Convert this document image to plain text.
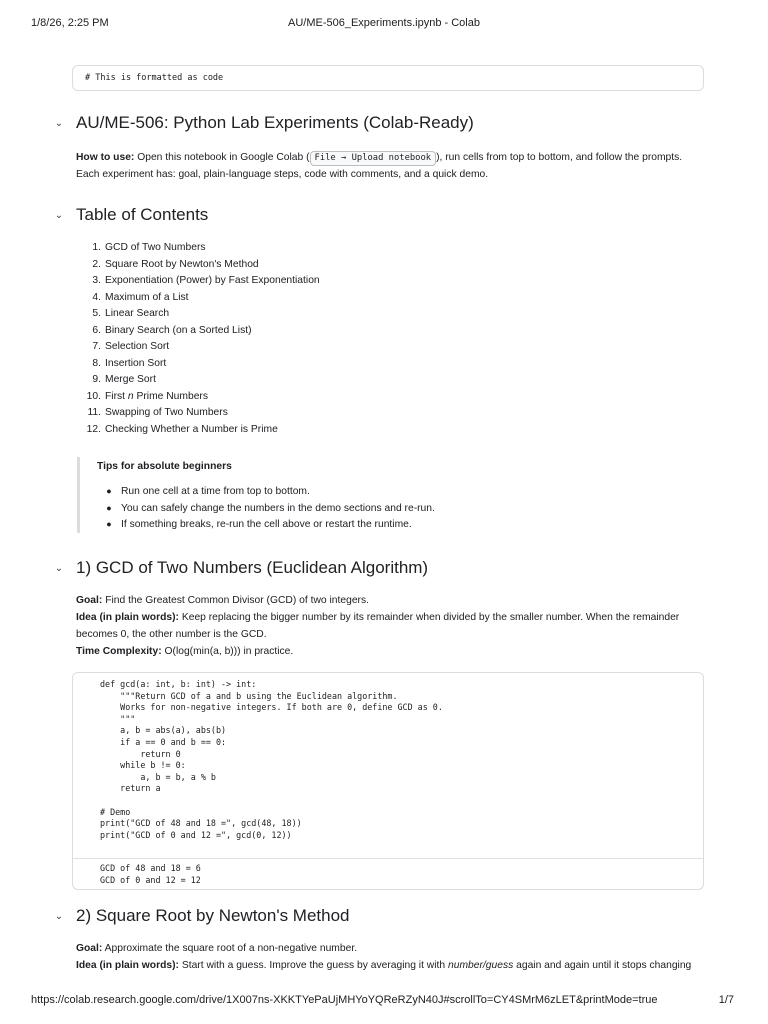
1/8/26, 2:25 PM	AU/ME-506_Experiments.ipynb - Colab
# This is formatted as code
⌄ AU/ME-506: Python Lab Experiments (Colab-Ready)
How to use: Open this notebook in Google Colab ( File → Upload notebook ), run cells from top to bottom, and follow the prompts.
Each experiment has: goal, plain-language steps, code with comments, and a quick demo.
⌄ Table of Contents
1. GCD of Two Numbers
2. Square Root by Newton's Method
3. Exponentiation (Power) by Fast Exponentiation
4. Maximum of a List
5. Linear Search
6. Binary Search (on a Sorted List)
7. Selection Sort
8. Insertion Sort
9. Merge Sort
10. First n Prime Numbers
11. Swapping of Two Numbers
12. Checking Whether a Number is Prime
Tips for absolute beginners
● Run one cell at a time from top to bottom.
● You can safely change the numbers in the demo sections and re-run.
● If something breaks, re-run the cell above or restart the runtime.
⌄ 1) GCD of Two Numbers (Euclidean Algorithm)
Goal: Find the Greatest Common Divisor (GCD) of two integers.
Idea (in plain words): Keep replacing the bigger number by its remainder when divided by the smaller number. When the remainder
becomes 0, the other number is the GCD.
Time Complexity: O(log(min(a, b))) in practice.
def gcd(a: int, b: int) -> int:
"""Return GCD of a and b using the Euclidean algorithm.
Works for non-negative integers. If both are 0, define GCD as 0.
"""
a, b = abs(a), abs(b)
if a == 0 and b == 0:
return 0
while b != 0:
a, b = b, a % b
return a

# Demo
print("GCD of 48 and 18 =", gcd(48, 18))
print("GCD of 0 and 12 =", gcd(0, 12))
GCD of 48 and 18 = 6
GCD of 0 and 12 = 12
⌄ 2) Square Root by Newton's Method
Goal: Approximate the square root of a non-negative number.
Idea (in plain words): Start with a guess. Improve the guess by averaging it with number/guess again and again until it stops changing
https://colab.research.google.com/drive/1X007ns-XKKTYePaUjMHYoYQReRZyN40J#scrollTo=CY4SMrM6zLET&printMode=true	1/7
